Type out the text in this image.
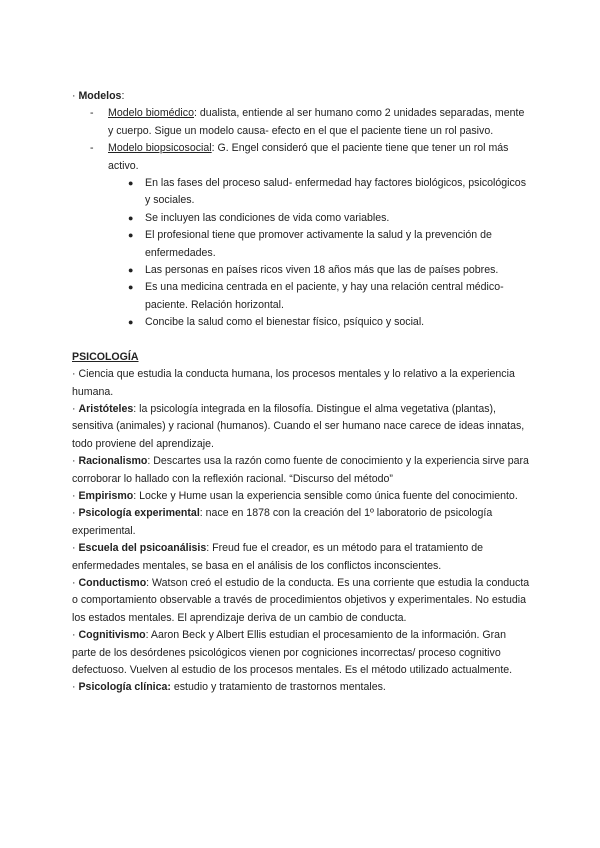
· Modelos:

- Modelo biomédico: dualista, entiende al ser humano como 2 unidades separadas, mente y cuerpo. Sigue un modelo causa- efecto en el que el paciente tiene un rol pasivo.
- Modelo biopsicosocial: G. Engel consideró que el paciente tiene que tener un rol más activo.
● En las fases del proceso salud- enfermedad hay factores biológicos, psicológicos y sociales.
● Se incluyen las condiciones de vida como variables.
● El profesional tiene que promover activamente la salud y la prevención de enfermedades.
● Las personas en países ricos viven 18 años más que las de países pobres.
● Es una medicina centrada en el paciente, y hay una relación central médico-paciente. Relación horizontal.
● Concibe la salud como el bienestar físico, psíquico y social.

PSICOLOGÍA

· Ciencia que estudia la conducta humana, los procesos mentales y lo relativo a la experiencia humana.

· Aristóteles: la psicología integrada en la filosofía. Distingue el alma vegetativa (plantas), sensitiva (animales) y racional (humanos). Cuando el ser humano nace carece de ideas innatas, todo proviene del aprendizaje.

· Racionalismo: Descartes usa la razón como fuente de conocimiento y la experiencia sirve para corroborar lo hallado con la reflexión racional. “Discurso del método”

· Empirismo: Locke y Hume usan la experiencia sensible como única fuente del conocimiento.

· Psicología experimental: nace en 1878 con la creación del 1º laboratorio de psicología experimental.

· Escuela del psicoanálisis: Freud fue el creador, es un método para el tratamiento de enfermedades mentales, se basa en el análisis de los conflictos inconscientes.

· Conductismo: Watson creó el estudio de la conducta. Es una corriente que estudia la conducta o comportamiento observable a través de procedimientos objetivos y experimentales. No estudia los estados mentales. El aprendizaje deriva de un cambio de conducta.

· Cognitivismo: Aaron Beck y Albert Ellis estudian el procesamiento de la información. Gran parte de los desórdenes psicológicos vienen por cogniciones incorrectas/ proceso cognitivo defectuoso. Vuelven al estudio de los procesos mentales. Es el método utilizado actualmente.

· Psicología clínica: estudio y tratamiento de trastornos mentales.
